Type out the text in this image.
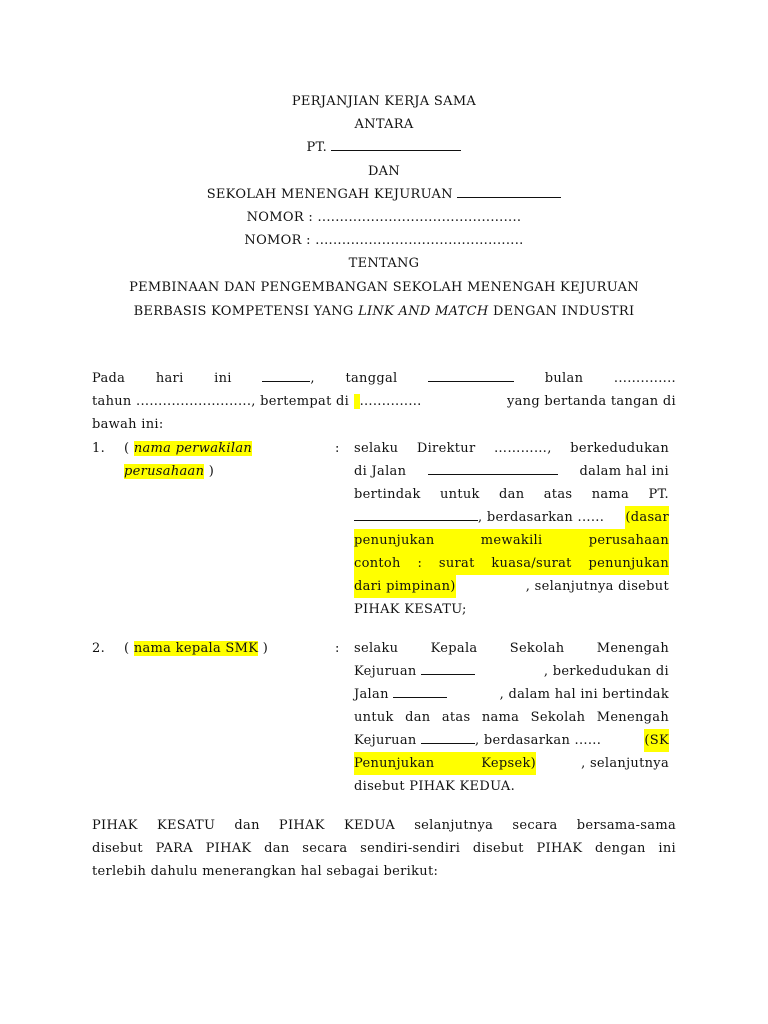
PERJANJIAN KERJA SAMA
ANTARA
PT.
DAN
SEKOLAH MENENGAH KEJURUAN
NOMOR : ..............................................
NOMOR : ...............................................
TENTANG
PEMBINAAN DAN PENGEMBANGAN SEKOLAH MENENGAH KEJURUAN
BERBASIS KOMPETENSI YANG LINK AND MATCH DENGAN INDUSTRI
Pada hari ini	, tanggal	bulan ..............
tahun .........................., bertempat di ..............	yang bertanda tangan di
bawah ini:
1. ( nama perwakilan
perusahaan )
: selaku Direktur …………, berkedudukan
di Jalan	dalam hal ini
bertindak untuk dan atas nama PT.
, berdasarkan ...... (dasar
penunjukan mewakili perusahaan
contoh : surat kuasa/surat penunjukan
dari pimpinan)	, selanjutnya disebut
PIHAK KESATU;
2. ( nama kepala SMK )	: selaku Kepala Sekolah Menengah
Kejuruan	, berkedudukan di
Jalan	, dalam hal ini bertindak
untuk dan atas nama Sekolah Menengah
Kejuruan	, berdasarkan ......	(SK
Penunjukan Kepsek)	, selanjutnya
disebut PIHAK KEDUA.
PIHAK KESATU dan PIHAK KEDUA selanjutnya secara bersama-sama
disebut PARA PIHAK dan secara sendiri-sendiri disebut PIHAK dengan ini
terlebih dahulu menerangkan hal sebagai berikut:
